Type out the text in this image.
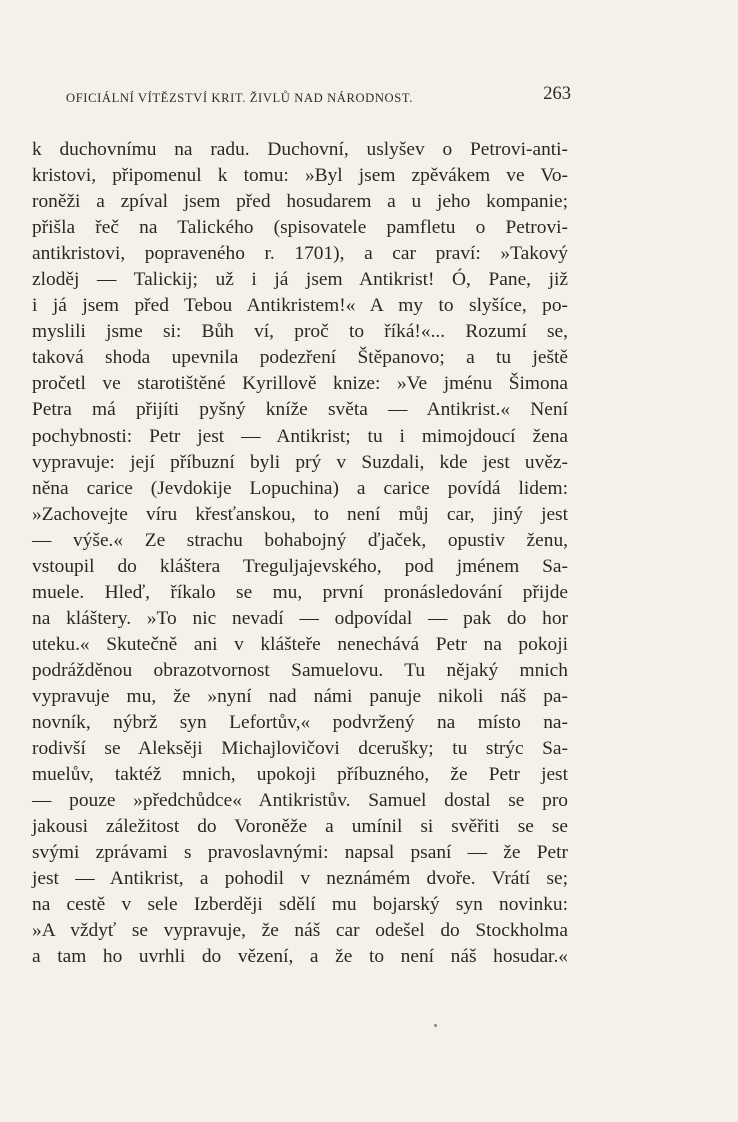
OFICIÁLNÍ VÍTĚZSTVÍ KRIT. ŽIVLŮ NAD NÁRODNOST.	263
k duchovnímu na radu. Duchovní, uslyšev o Petrovi-anti-
kristovi, připomenul k tomu: »Byl jsem zpěvákem ve Vo-
roněži a zpíval jsem před hosudarem a u jeho kompanie;
přišla řeč na Talického (spisovatele pamfletu o Petrovi-
antikristovi, popraveného r. 1701), a car praví: »Takový
zloděj — Talickij; už i já jsem Antikrist! Ó, Pane, již
i já jsem před Tebou Antikristem!« A my to slyšíce, po-
myslili jsme si: Bůh ví, proč to říká!«... Rozumí se,
taková shoda upevnila podezření Štěpanovo; a tu ještě
pročetl ve starotištěné Kyrillově knize: »Ve jménu Šimona
Petra má přijíti pyšný kníže světa — Antikrist.« Není
pochybnosti: Petr jest — Antikrist; tu i mimojdoucí žena
vypravuje: její příbuzní byli prý v Suzdali, kde jest uvěz-
něna carice (Jevdokije Lopuchina) a carice povídá lidem:
»Zachovejte víru křesťanskou, to není můj car, jiný jest
— výše.« Ze strachu bohabojný ďjaček, opustiv ženu,
vstoupil do kláštera Treguljajevského, pod jménem Sa-
muele. Hleď, říkalo se mu, první pronásledování přijde
na kláštery. »To nic nevadí — odpovídal — pak do hor
uteku.« Skutečně ani v klášteře nenechává Petr na pokoji
podrážděnou obrazotvornost Samuelovu. Tu nějaký mnich
vypravuje mu, že »nyní nad námi panuje nikoli náš pa-
novník, nýbrž syn Lefortův,« podvržený na místo na-
rodivší se Aleksěji Michajlovičovi dcerušky; tu strýc Sa-
muelův, taktéž mnich, upokoji příbuzného, že Petr jest
— pouze »předchůdce« Antikristův. Samuel dostal se pro
jakousi záležitost do Voroněže a umínil si svěřiti se se
svými zprávami s pravoslavnými: napsal psaní — že Petr
jest — Antikrist, a pohodil v neznámém dvoře. Vrátí se;
na cestě v sele Izberději sdělí mu bojarský syn novinku:
»A vždyť se vypravuje, že náš car odešel do Stockholma
a tam ho uvrhli do vězení, a že to není náš hosudar.«
